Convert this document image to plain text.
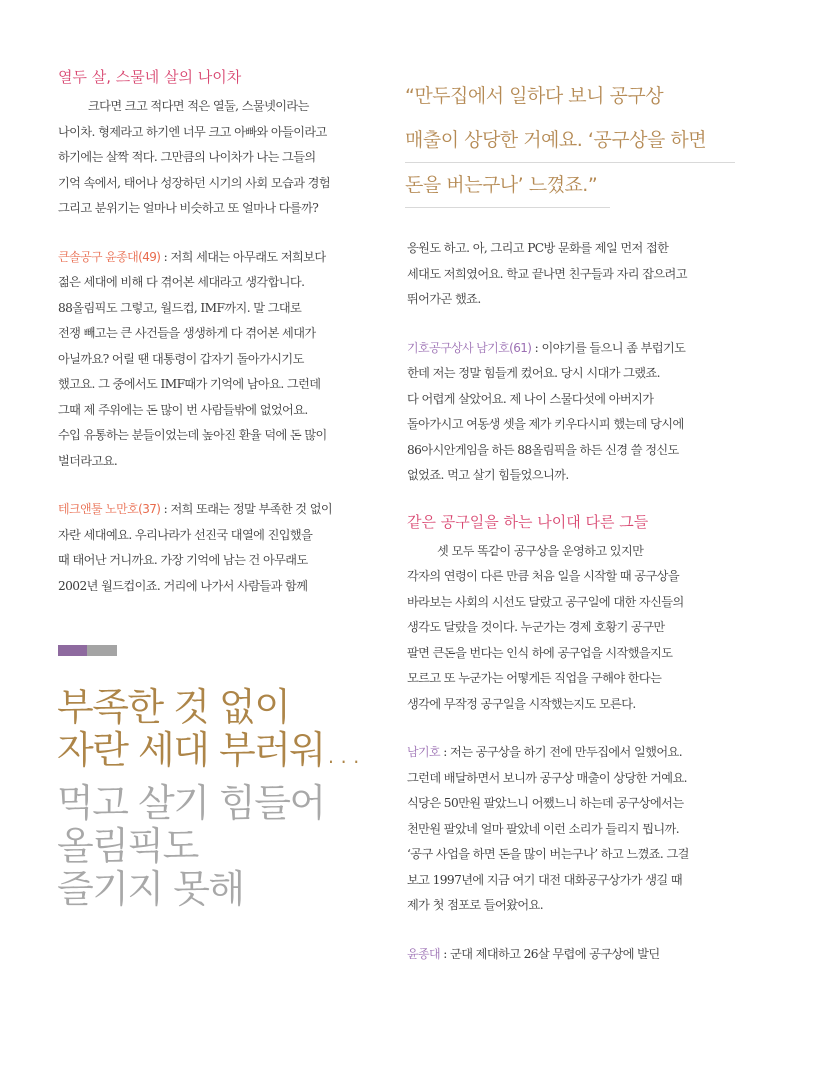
열두 살, 스물네 살의 나이차

크다면 크고 적다면 적은 열둘, 스물넷이라는
나이차. 형제라고 하기엔 너무 크고 아빠와 아들이라고
하기에는 살짝 적다. 그만큼의 나이차가 나는 그들의
기억 속에서, 태어나 성장하던 시기의 사회 모습과 경험
그리고 분위기는 얼마나 비슷하고 또 얼마나 다를까?

큰솔공구 윤종대(49) : 저희 세대는 아무래도 저희보다
젊은 세대에 비해 다 겪어본 세대라고 생각합니다.
88올림픽도 그렇고, 월드컵, IMF까지. 말 그대로
전쟁 빼고는 큰 사건들을 생생하게 다 겪어본 세대가
아닐까요? 어릴 땐 대통령이 갑자기 돌아가시기도
했고요. 그 중에서도 IMF때가 기억에 남아요. 그런데
그때 제 주위에는 돈 많이 번 사람들밖에 없었어요.
수입 유통하는 분들이었는데 높아진 환율 덕에 돈 많이
벌더라고요.

테크앤툴 노만호(37) : 저희 또래는 정말 부족한 것 없이
자란 세대예요. 우리나라가 선진국 대열에 진입했을
때 태어난 거니까요. 가장 기억에 남는 건 아무래도
2002년 월드컵이죠. 거리에 나가서 사람들과 함께

“만두집에서 일하다 보니 공구상
매출이 상당한 거예요. ‘공구상을 하면
돈을 버는구나’ 느꼈죠.”
부족한 것 없이
자란 세대 부러워…
먹고 살기 힘들어
올림픽도
즐기지 못해

응원도 하고. 아, 그리고 PC방 문화를 제일 먼저 접한
세대도 저희였어요. 학교 끝나면 친구들과 자리 잡으려고
뛰어가곤 했죠.

기호공구상사 남기호(61) : 이야기를 들으니 좀 부럽기도
한데 저는 정말 힘들게 컸어요. 당시 시대가 그랬죠.
다 어렵게 살았어요. 제 나이 스물다섯에 아버지가
돌아가시고 여동생 셋을 제가 키우다시피 했는데 당시에
86아시안게임을 하든 88올림픽을 하든 신경 쓸 정신도
없었죠. 먹고 살기 힘들었으니까.

같은 공구일을 하는 나이대 다른 그들

셋 모두 똑같이 공구상을 운영하고 있지만
각자의 연령이 다른 만큼 처음 일을 시작할 때 공구상을
바라보는 사회의 시선도 달랐고 공구일에 대한 자신들의
생각도 달랐을 것이다. 누군가는 경제 호황기 공구만
팔면 큰돈을 번다는 인식 하에 공구업을 시작했을지도
모르고 또 누군가는 어떻게든 직업을 구해야 한다는
생각에 무작정 공구일을 시작했는지도 모른다.

남기호 : 저는 공구상을 하기 전에 만두집에서 일했어요.
그런데 배달하면서 보니까 공구상 매출이 상당한 거예요.
식당은 50만원 팔았느니 어쨌느니 하는데 공구상에서는
천만원 팔았네 얼마 팔았네 이런 소리가 들리지 뭡니까.
‘공구 사업을 하면 돈을 많이 버는구나’ 하고 느꼈죠. 그걸
보고 1997년에 지금 여기 대전 대화공구상가가 생길 때
제가 첫 점포로 들어왔어요.

윤종대 : 군대 제대하고 26살 무렵에 공구상에 발딘
